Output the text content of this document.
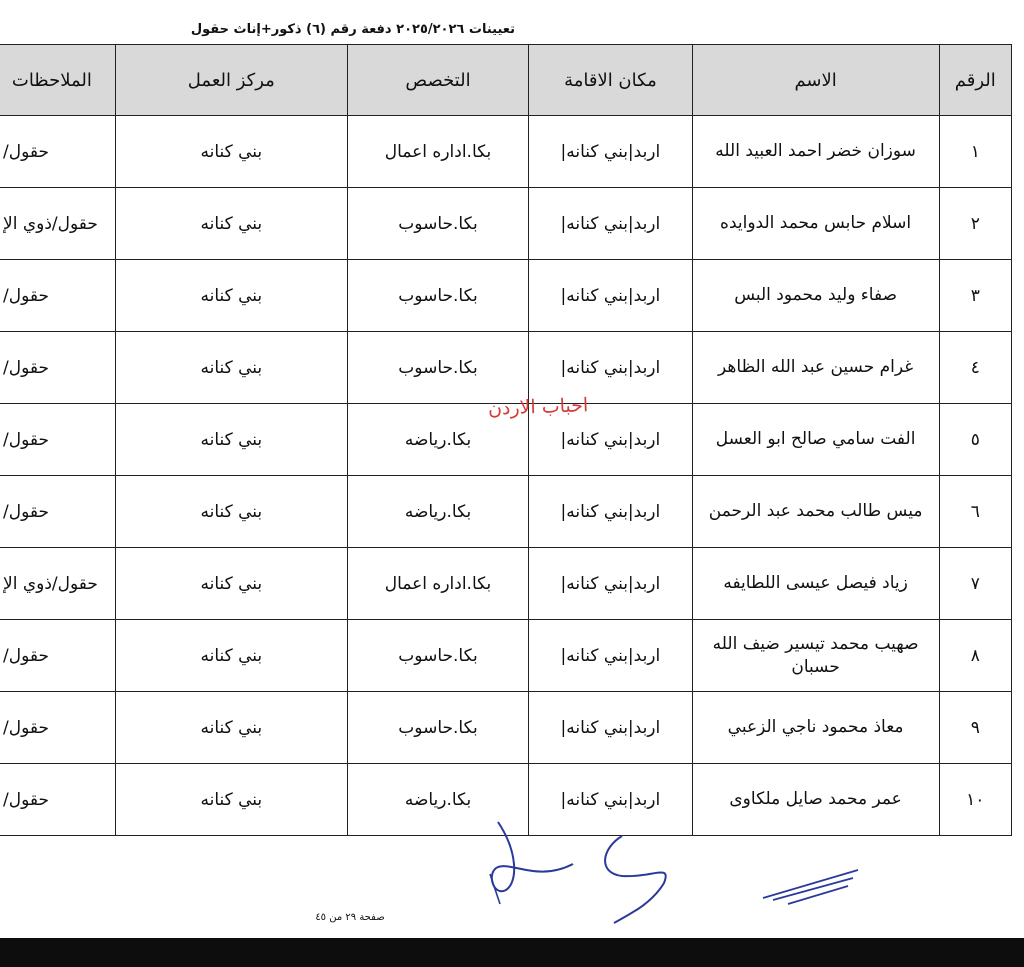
تعيينات ٢٠٢٥/٢٠٢٦ دفعة رقم (٦) ذكور+إناث حقول
الرقم	الاسم	مكان الاقامة	التخصص	مركز العمل	الملاحظات
١	سوزان خضر احمد العبيد الله	اربد|بني كنانه|	بكا.اداره اعمال	بني كنانه	حقول/
٢	اسلام حابس محمد الدوايده	اربد|بني كنانه|	بكا.حاسوب	بني كنانه	حقول/ذوي الإ
٣	صفاء وليد محمود البس	اربد|بني كنانه|	بكا.حاسوب	بني كنانه	حقول/
٤	غرام حسين عبد الله الظاهر	اربد|بني كنانه|	بكا.حاسوب	بني كنانه	حقول/
٥	الفت سامي صالح ابو العسل	اربد|بني كنانه|	بكا.رياضه	بني كنانه	حقول/
٦	ميس طالب محمد عبد الرحمن	اربد|بني كنانه|	بكا.رياضه	بني كنانه	حقول/
٧	زياد فيصل عيسى اللطايفه	اربد|بني كنانه|	بكا.اداره اعمال	بني كنانه	حقول/ذوي الإ
٨	صهيب محمد تيسير ضيف الله حسبان	اربد|بني كنانه|	بكا.حاسوب	بني كنانه	حقول/
٩	معاذ محمود ناجي الزعبي	اربد|بني كنانه|	بكا.حاسوب	بني كنانه	حقول/
١٠	عمر محمد صايل ملكاوى	اربد|بني كنانه|	بكا.رياضه	بني كنانه	حقول/
احباب الاردن
صفحة ٢٩ من ٤٥
